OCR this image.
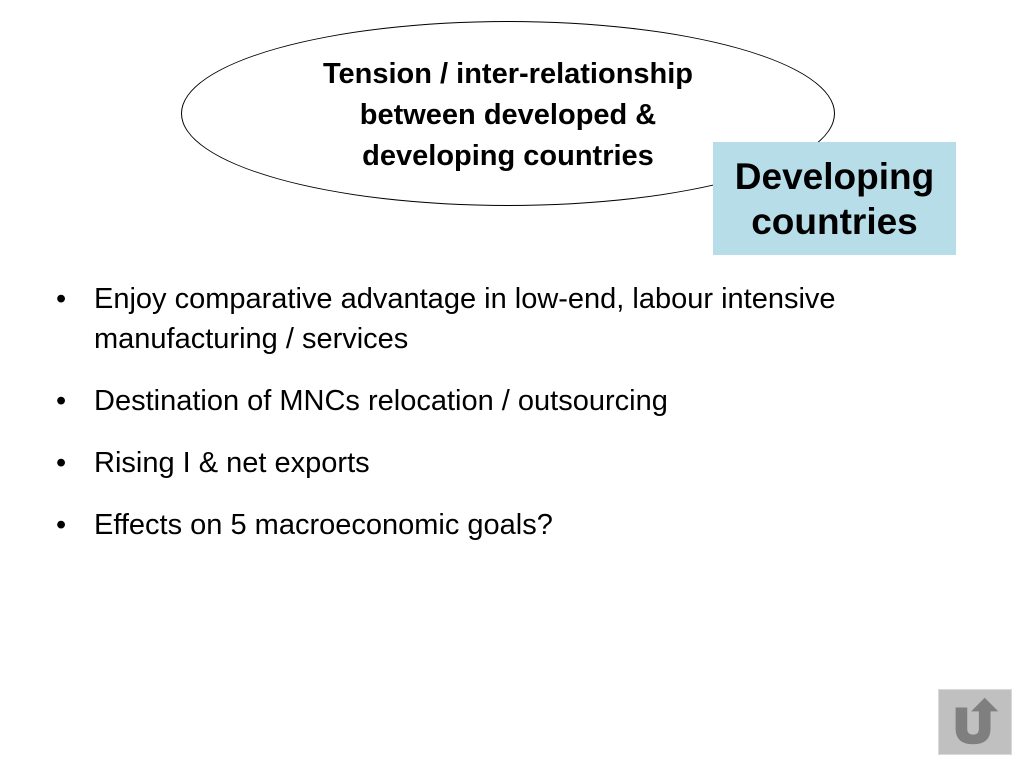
Tension / inter-relationship
between developed &
developing countries	Developing
countries
• Enjoy comparative advantage in low-end, labour intensive manufacturing / services
• Destination of MNCs relocation / outsourcing
• Rising I & net exports
• Effects on 5 macroeconomic goals?
